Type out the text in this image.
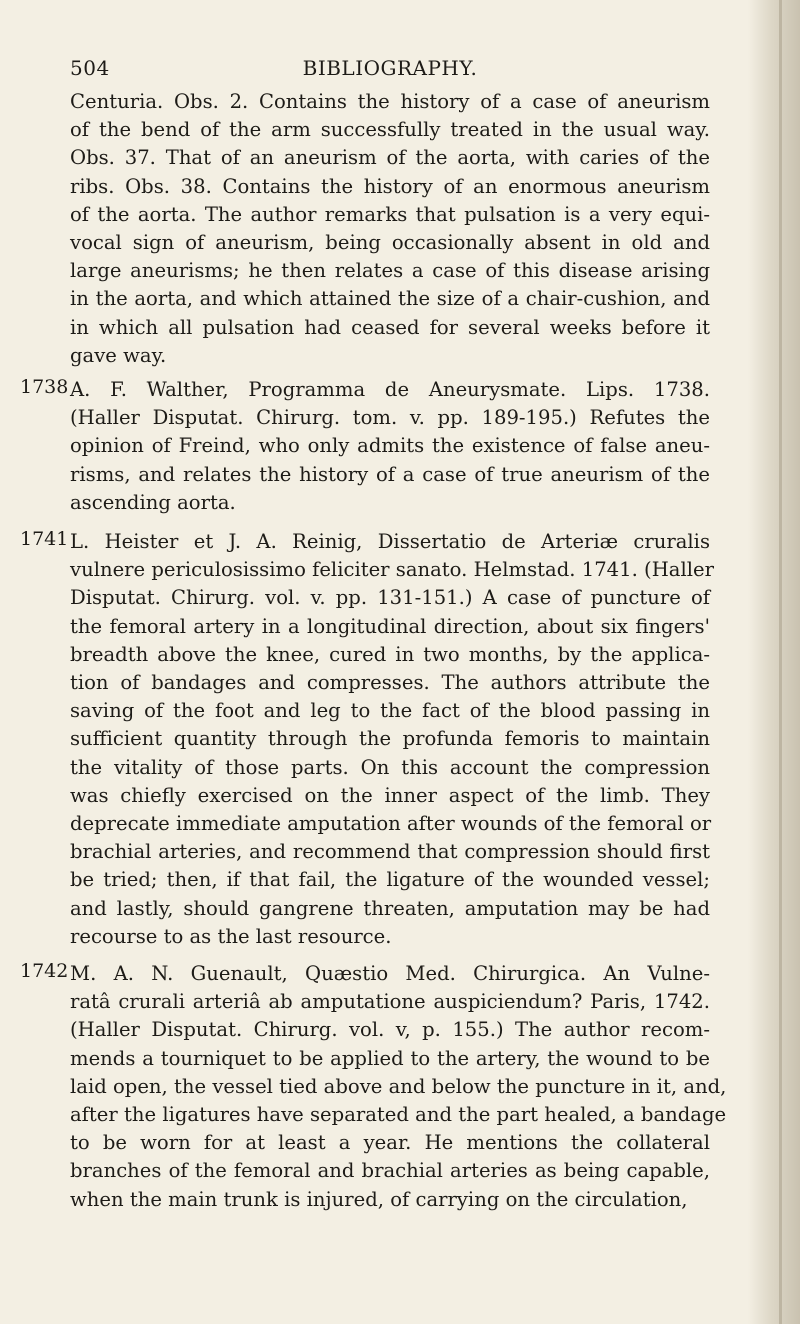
504	BIBLIOGRAPHY.
Centuria. Obs. 2. Contains the history of a case of aneurism
of the bend of the arm successfully treated in the usual way.
Obs. 37. That of an aneurism of the aorta, with caries of the
ribs. Obs. 38. Contains the history of an enormous aneurism
of the aorta. The author remarks that pulsation is a very equi-
vocal sign of aneurism, being occasionally absent in old and
large aneurisms; he then relates a case of this disease arising
in the aorta, and which attained the size of a chair-cushion, and
in which all pulsation had ceased for several weeks before it
gave way.
1738 A. F. Walther, Programma de Aneurysmate. Lips. 1738.
(Haller Disputat. Chirurg. tom. v. pp. 189-195.) Refutes the
opinion of Freind, who only admits the existence of false aneu-
risms, and relates the history of a case of true aneurism of the
ascending aorta.
1741 L. Heister et J. A. Reinig, Dissertatio de Arteriæ cruralis
vulnere periculosissimo feliciter sanato. Helmstad. 1741. (Haller
Disputat. Chirurg. vol. v. pp. 131-151.) A case of puncture of
the femoral artery in a longitudinal direction, about six fingers'
breadth above the knee, cured in two months, by the applica-
tion of bandages and compresses. The authors attribute the
saving of the foot and leg to the fact of the blood passing in
sufficient quantity through the profunda femoris to maintain
the vitality of those parts. On this account the compression
was chiefly exercised on the inner aspect of the limb. They
deprecate immediate amputation after wounds of the femoral or
brachial arteries, and recommend that compression should first
be tried; then, if that fail, the ligature of the wounded vessel;
and lastly, should gangrene threaten, amputation may be had
recourse to as the last resource.
1742 M. A. N. Guenault, Quæstio Med. Chirurgica. An Vulne-
ratâ crurali arteriâ ab amputatione auspiciendum? Paris, 1742.
(Haller Disputat. Chirurg. vol. v, p. 155.) The author recom-
mends a tourniquet to be applied to the artery, the wound to be
laid open, the vessel tied above and below the puncture in it, and,
after the ligatures have separated and the part healed, a bandage
to be worn for at least a year. He mentions the collateral
branches of the femoral and brachial arteries as being capable,
when the main trunk is injured, of carrying on the circulation,
